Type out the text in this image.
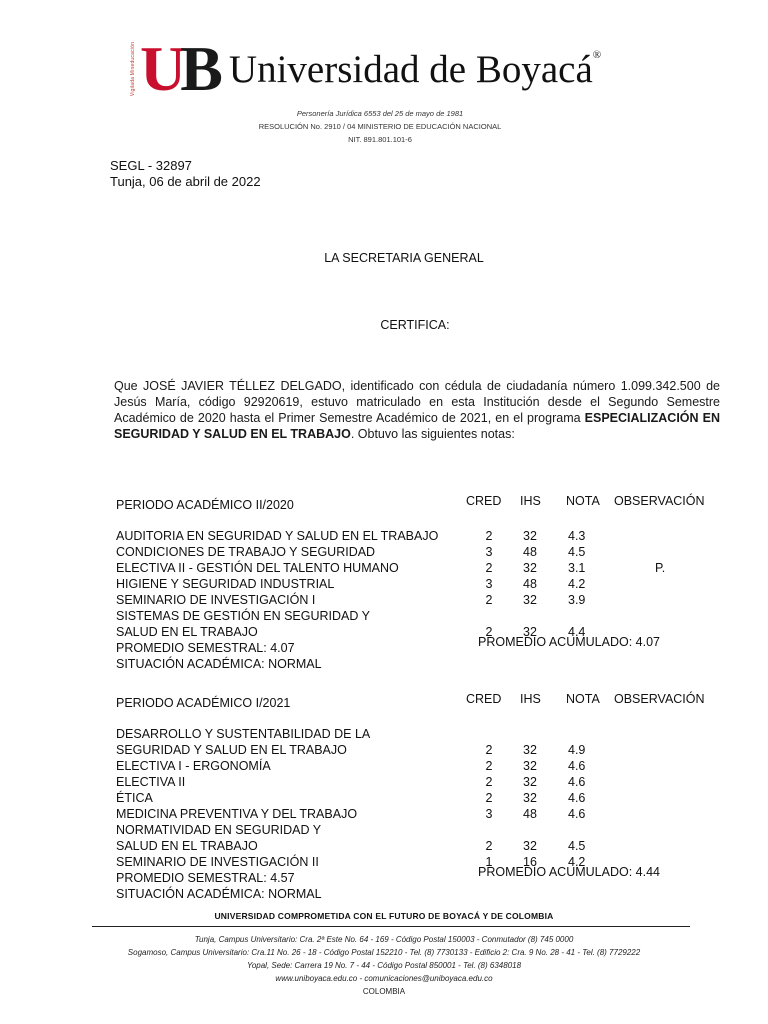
Vigilada Mineducación UB Universidad de Boyacá®
Personería Jurídica 6553 del 25 de mayo de 1981
RESOLUCIÓN No. 2910 / 04 MINISTERIO DE EDUCACIÓN NACIONAL
NIT. 891.801.101-6
SEGL - 32897
Tunja, 06 de abril de 2022
LA SECRETARIA GENERAL
CERTIFICA:
Que JOSÉ JAVIER TÉLLEZ DELGADO, identificado con cédula de ciudadanía número 1.099.342.500 de Jesús María, código 92920619, estuvo matriculado en esta Institución desde el Segundo Semestre Académico de 2020 hasta el Primer Semestre Académico de 2021, en el programa ESPECIALIZACIÓN EN SEGURIDAD Y SALUD EN EL TRABAJO. Obtuvo las siguientes notas:
PERIODO ACADÉMICO II/2020	CRED IHS NOTA OBSERVACIÓN
AUDITORIA EN SEGURIDAD Y SALUD EN EL TRABAJO	2	32	4.3
CONDICIONES DE TRABAJO Y SEGURIDAD	3	48	4.5
ELECTIVA II - GESTIÓN DEL TALENTO HUMANO	2	32	3.1	P.
HIGIENE Y SEGURIDAD INDUSTRIAL	3	48	4.2
SEMINARIO DE INVESTIGACIÓN I	2	32	3.9
SISTEMAS DE GESTIÓN EN SEGURIDAD Y
SALUD EN EL TRABAJO	2	32	4.4
PROMEDIO SEMESTRAL: 4.07	PROMEDIO ACUMULADO: 4.07
SITUACIÓN ACADÉMICA: NORMAL
PERIODO ACADÉMICO I/2021	CRED IHS NOTA OBSERVACIÓN
DESARROLLO Y SUSTENTABILIDAD DE LA
SEGURIDAD Y SALUD EN EL TRABAJO	2	32	4.9
ELECTIVA I - ERGONOMÍA	2	32	4.6
ELECTIVA II	2	32	4.6
ÉTICA	2	32	4.6
MEDICINA PREVENTIVA Y DEL TRABAJO	3	48	4.6
NORMATIVIDAD EN SEGURIDAD Y
SALUD EN EL TRABAJO	2	32	4.5
SEMINARIO DE INVESTIGACIÓN II	1	16	4.2
PROMEDIO SEMESTRAL: 4.57	PROMEDIO ACUMULADO: 4.44
SITUACIÓN ACADÉMICA: NORMAL
UNIVERSIDAD COMPROMETIDA CON EL FUTURO DE BOYACÁ Y DE COLOMBIA
Tunja, Campus Universitario: Cra. 2ª Este No. 64 - 169 - Código Postal 150003 - Conmutador (8) 745 0000
Sogamoso, Campus Universitario: Cra.11 No. 26 - 18 - Código Postal 152210 - Tel. (8) 7730133 - Edificio 2: Cra. 9 No. 28 - 41 - Tel. (8) 7729222
Yopal, Sede: Carrera 19 No. 7 - 44 - Código Postal 850001 - Tel. (8) 6348018
www.uniboyaca.edu.co - comunicaciones@uniboyaca.edu.co
COLOMBIA
